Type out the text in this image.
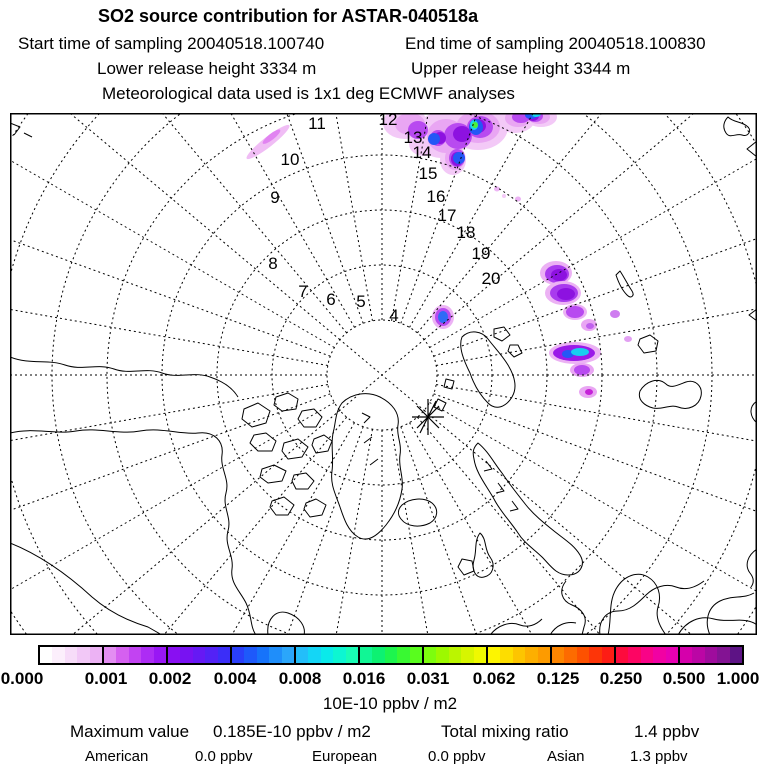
SO2 source contribution for ASTAR-040518a
Start time of sampling 20040518.100740	End time of sampling 20040518.100830
Lower release height 3334 m	Upper release height 3344 m
Meteorological data used is 1x1 deg ECMWF analyses
4
5
6
7
8
9
10
11	12
13
14
15
16
17
18
19
20
0.000 0.001 0.002 0.004 0.008 0.016 0.031 0.062 0.125 0.250 0.500 1.000
10E-10 ppbv / m2
Maximum value 0.185E-10 ppbv / m2	Total mixing ratio	1.4 ppbv
American	0.0 ppbv	European	0.0 ppbv	Asian	1.3 ppbv
